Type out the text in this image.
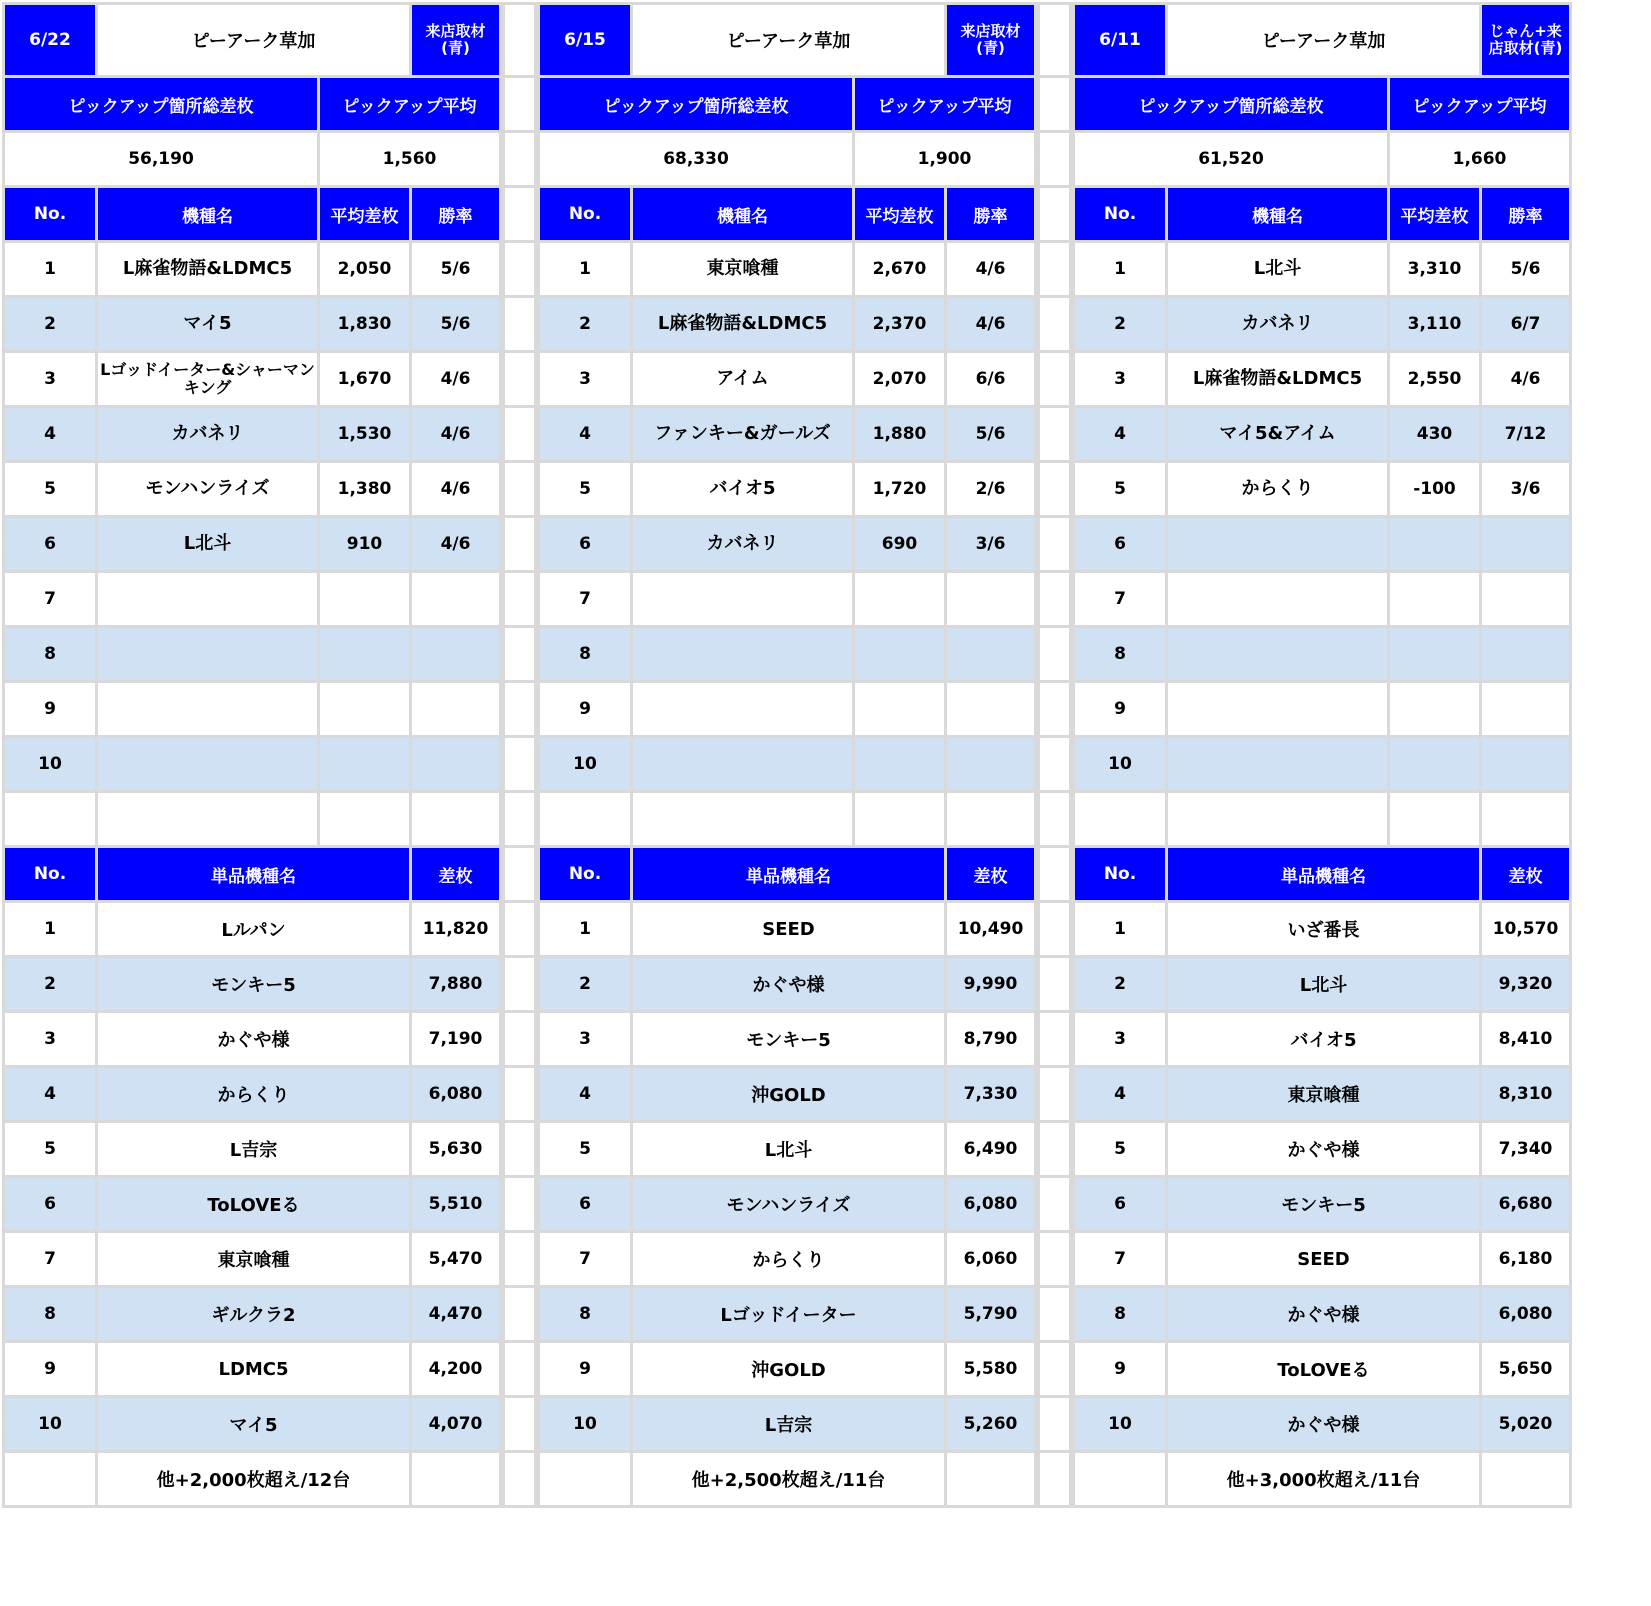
6/22	ピーアーク草加		来店取材(青)
ピックアップ箇所総差枚		ピックアップ平均	
56,190		1,560	
No.	機種名	平均差枚	勝率
1	L麻雀物語&LDMC5	2,050	5/6
2	マイ5	1,830	5/6
3	Lゴッドイーター&シャーマンキング	1,670	4/6
4	カバネリ	1,530	4/6
5	モンハンライズ	1,380	4/6
6	L北斗	910	4/6
7			
8			
9			
10			

No.	単品機種名		差枚
1	Lルパン		11,820
2	モンキー5		7,880
3	かぐや様		7,190
4	からくり		6,080
5	L吉宗		5,630
6	ToLOVEる		5,510
7	東京喰種		5,470
8	ギルクラ2		4,470
9	LDMC5		4,200
10	マイ5		4,070
	他+2,000枚超え/12台		

6/15	ピーアーク草加		来店取材(青)
ピックアップ箇所総差枚		ピックアップ平均	
68,330		1,900	
No.	機種名	平均差枚	勝率
1	東京喰種	2,670	4/6
2	L麻雀物語&LDMC5	2,370	4/6
3	アイム	2,070	6/6
4	ファンキー&ガールズ	1,880	5/6
5	バイオ5	1,720	2/6
6	カバネリ	690	3/6
7			
8			
9			
10			

No.	単品機種名		差枚
1	SEED		10,490
2	かぐや様		9,990
3	モンキー5		8,790
4	沖GOLD		7,330
5	L北斗		6,490
6	モンハンライズ		6,080
7	からくり		6,060
8	Lゴッドイーター		5,790
9	沖GOLD		5,580
10	L吉宗		5,260
	他+2,500枚超え/11台		

6/11	ピーアーク草加		じゃん+来店取材(青)
ピックアップ箇所総差枚		ピックアップ平均	
61,520		1,660	
No.	機種名	平均差枚	勝率
1	L北斗	3,310	5/6
2	カバネリ	3,110	6/7
3	L麻雀物語&LDMC5	2,550	4/6
4	マイ5&アイム	430	7/12
5	からくり	-100	3/6
6			
7			
8			
9			
10			

No.	単品機種名		差枚
1	いざ番長		10,570
2	L北斗		9,320
3	バイオ5		8,410
4	東京喰種		8,310
5	かぐや様		7,340
6	モンキー5		6,680
7	SEED		6,180
8	かぐや様		6,080
9	ToLOVEる		5,650
10	かぐや様		5,020
	他+3,000枚超え/11台		
